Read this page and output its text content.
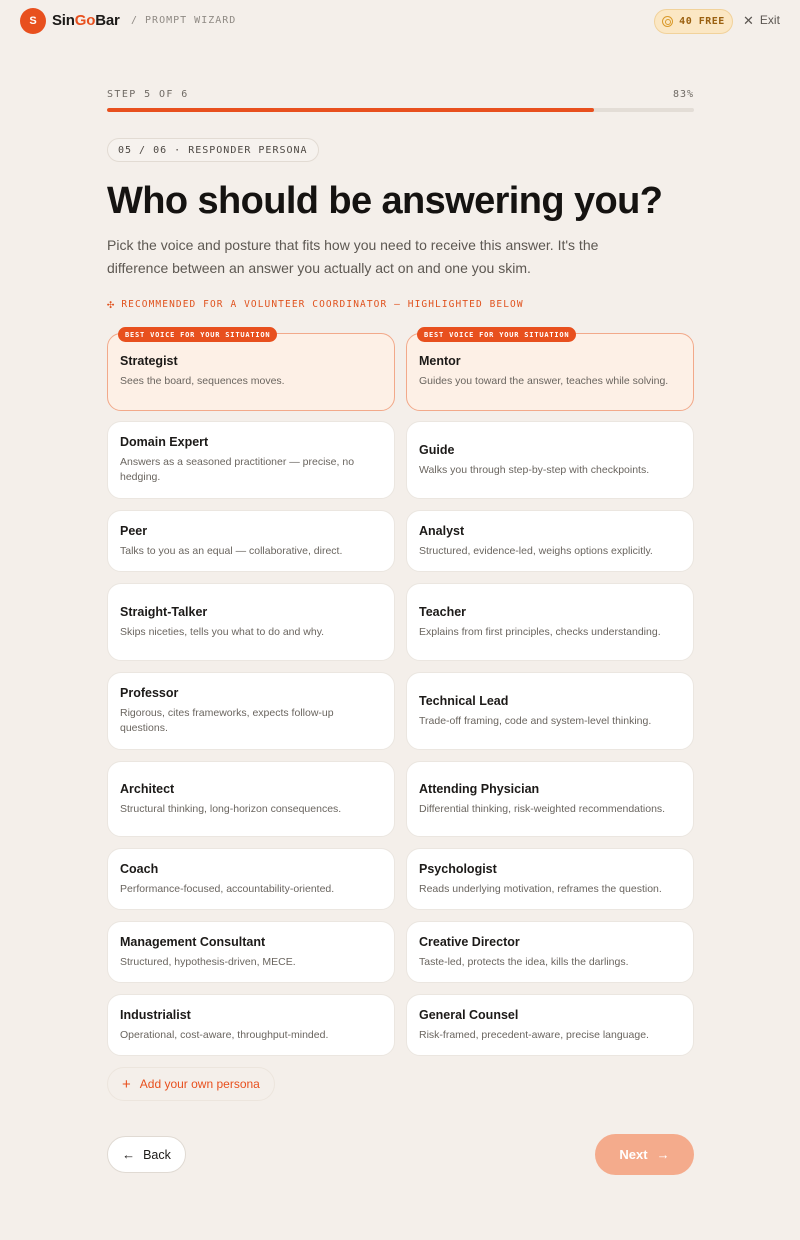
S	SinGoBar / PROMPT WIZARD	40 FREE ✕ Exit
STEP 5 OF 6	83%
05 / 06 · RESPONDER PERSONA
Who should be answering you?

Pick the voice and posture that fits how you need to receive this answer. It's the difference between an answer you actually act on and one you skim.

✣ RECOMMENDED FOR A VOLUNTEER COORDINATOR — HIGHLIGHTED BELOW
BEST VOICE FOR YOUR SITUATION
Strategist
Sees the board, sequences moves.
BEST VOICE FOR YOUR SITUATION
Mentor
Guides you toward the answer, teaches while solving.
Domain Expert
Answers as a seasoned practitioner — precise, no hedging.
Guide
Walks you through step-by-step with checkpoints.
Peer
Talks to you as an equal — collaborative, direct.
Analyst
Structured, evidence-led, weighs options explicitly.
Straight-Talker
Skips niceties, tells you what to do and why.
Teacher
Explains from first principles, checks understanding.
Professor
Rigorous, cites frameworks, expects follow-up questions.
Technical Lead
Trade-off framing, code and system-level thinking.
Architect
Structural thinking, long-horizon consequences.
Attending Physician
Differential thinking, risk-weighted recommendations.
Coach
Performance-focused, accountability-oriented.
Psychologist
Reads underlying motivation, reframes the question.
Management Consultant
Structured, hypothesis-driven, MECE.
Creative Director
Taste-led, protects the idea, kills the darlings.
Industrialist
Operational, cost-aware, throughput-minded.
General Counsel
Risk-framed, precedent-aware, precise language.
+ Add your own persona
← Back	Next →
